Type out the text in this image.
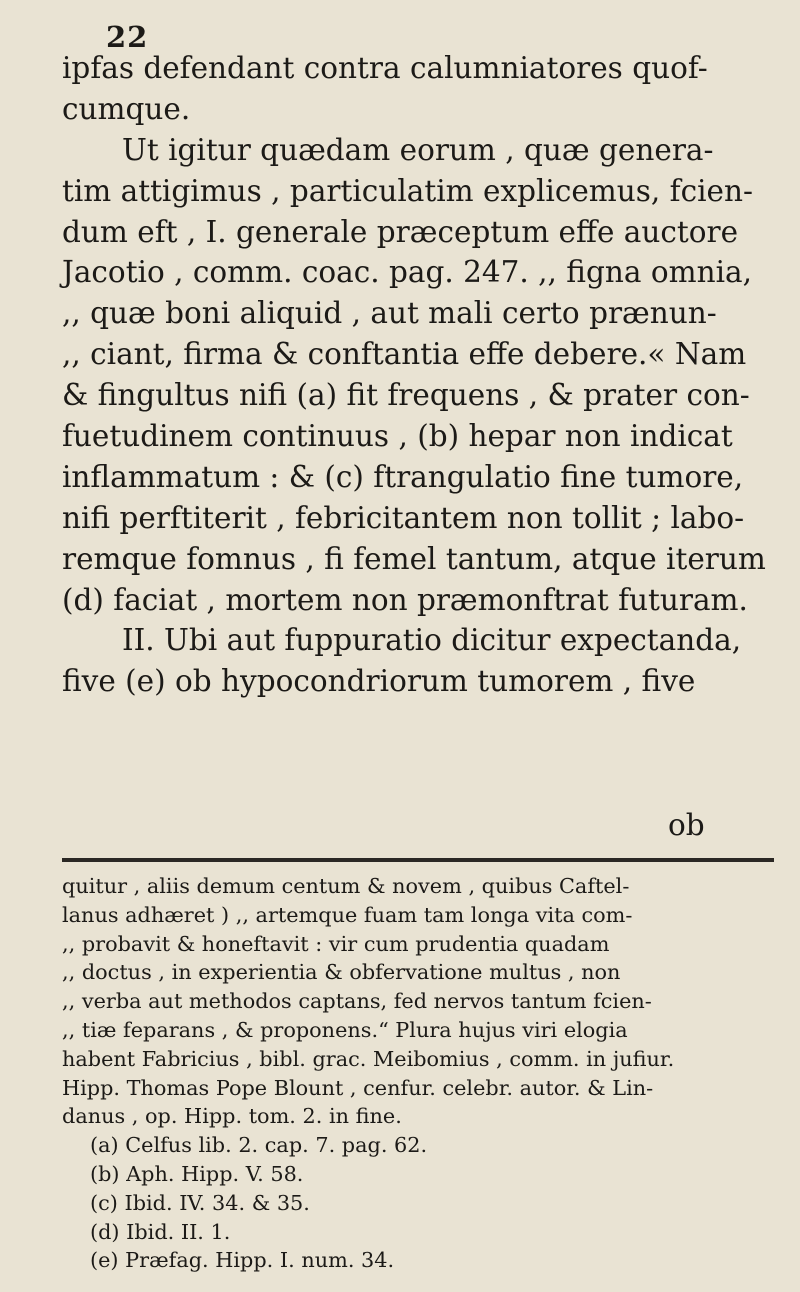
22
ipfas defendant contra calumniatores quof-
cumque.
Ut igitur quædam eorum , quæ genera-
tim attigimus , particulatim explicemus, fcien-
dum eft , I. generale præceptum effe auctore
Jacotio , comm. coac. pag. 247. ,, figna omnia,
,, quæ boni aliquid , aut mali certo prænun-
,, ciant, firma & conftantia effe debere.« Nam
& fingultus nifi (a) fit frequens , & prater con-
fuetudinem continuus , (b) hepar non indicat
inflammatum : & (c) ftrangulatio fine tumore,
nifi perftiterit , febricitantem non tollit ; labo-
remque fomnus , fi femel tantum, atque iterum
(d) faciat , mortem non præmonftrat futuram.
II. Ubi aut fuppuratio dicitur expectanda,
five (e) ob hypocondriorum tumorem , five
ob
quitur , aliis demum centum & novem , quibus Caftel-
lanus adhæret ) ,, artemque fuam tam longa vita com-
,, probavit & honeftavit : vir cum prudentia quadam
,, doctus , in experientia & obfervatione multus , non
,, verba aut methodos captans, fed nervos tantum fcien-
,, tiæ feparans , & proponens.“ Plura hujus viri elogia
habent Fabricius , bibl. grac. Meibomius , comm. in jufiur.
Hipp. Thomas Pope Blount , cenfur. celebr. autor. & Lin-
danus , op. Hipp. tom. 2. in fine.
(a) Celfus lib. 2. cap. 7. pag. 62.
(b) Aph. Hipp. V. 58.
(c) Ibid. IV. 34. & 35.
(d) Ibid. II. 1.
(e) Præfag. Hipp. I. num. 34.
